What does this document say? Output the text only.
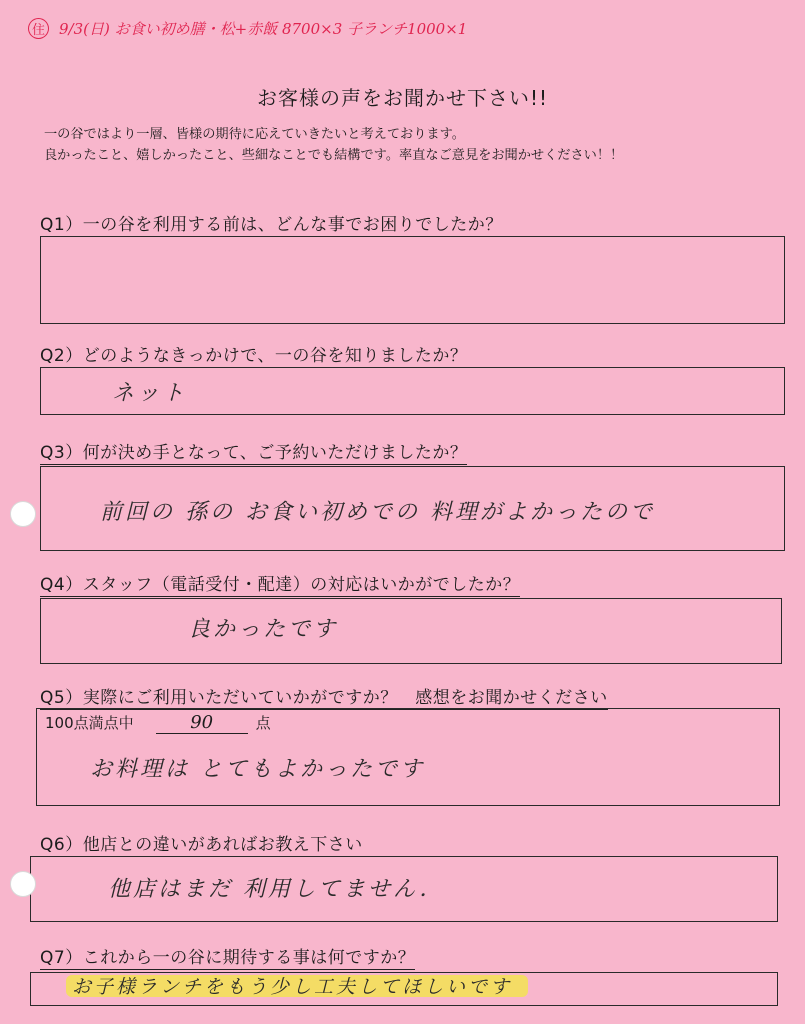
住 9/3(日) お食い初め膳・松+赤飯 8700×3 子ランチ1000×1
お客様の声をお聞かせ下さい!!
一の谷ではより一層、皆様の期待に応えていきたいと考えております。
良かったこと、嬉しかったこと、些細なことでも結構です。率直なご意見をお聞かせください！！
Q1）一の谷を利用する前は、どんな事でお困りでしたか？
Q2）どのようなきっかけで、一の谷を知りましたか？
ネット
Q3）何が決め手となって、ご予約いただけましたか？
前回の 孫の お食い初めでの 料理がよかったので
Q4）スタッフ（電話受付・配達）の対応はいかがでしたか？
良かったです
Q5）実際にご利用いただいていかがですか？　感想をお聞かせください
100点満点中	90	点
お料理は とてもよかったです
Q6）他店との違いがあればお教え下さい
他店はまだ 利用してません．
Q7）これから一の谷に期待する事は何ですか？
お子様ランチをもう少し工夫してほしいです
